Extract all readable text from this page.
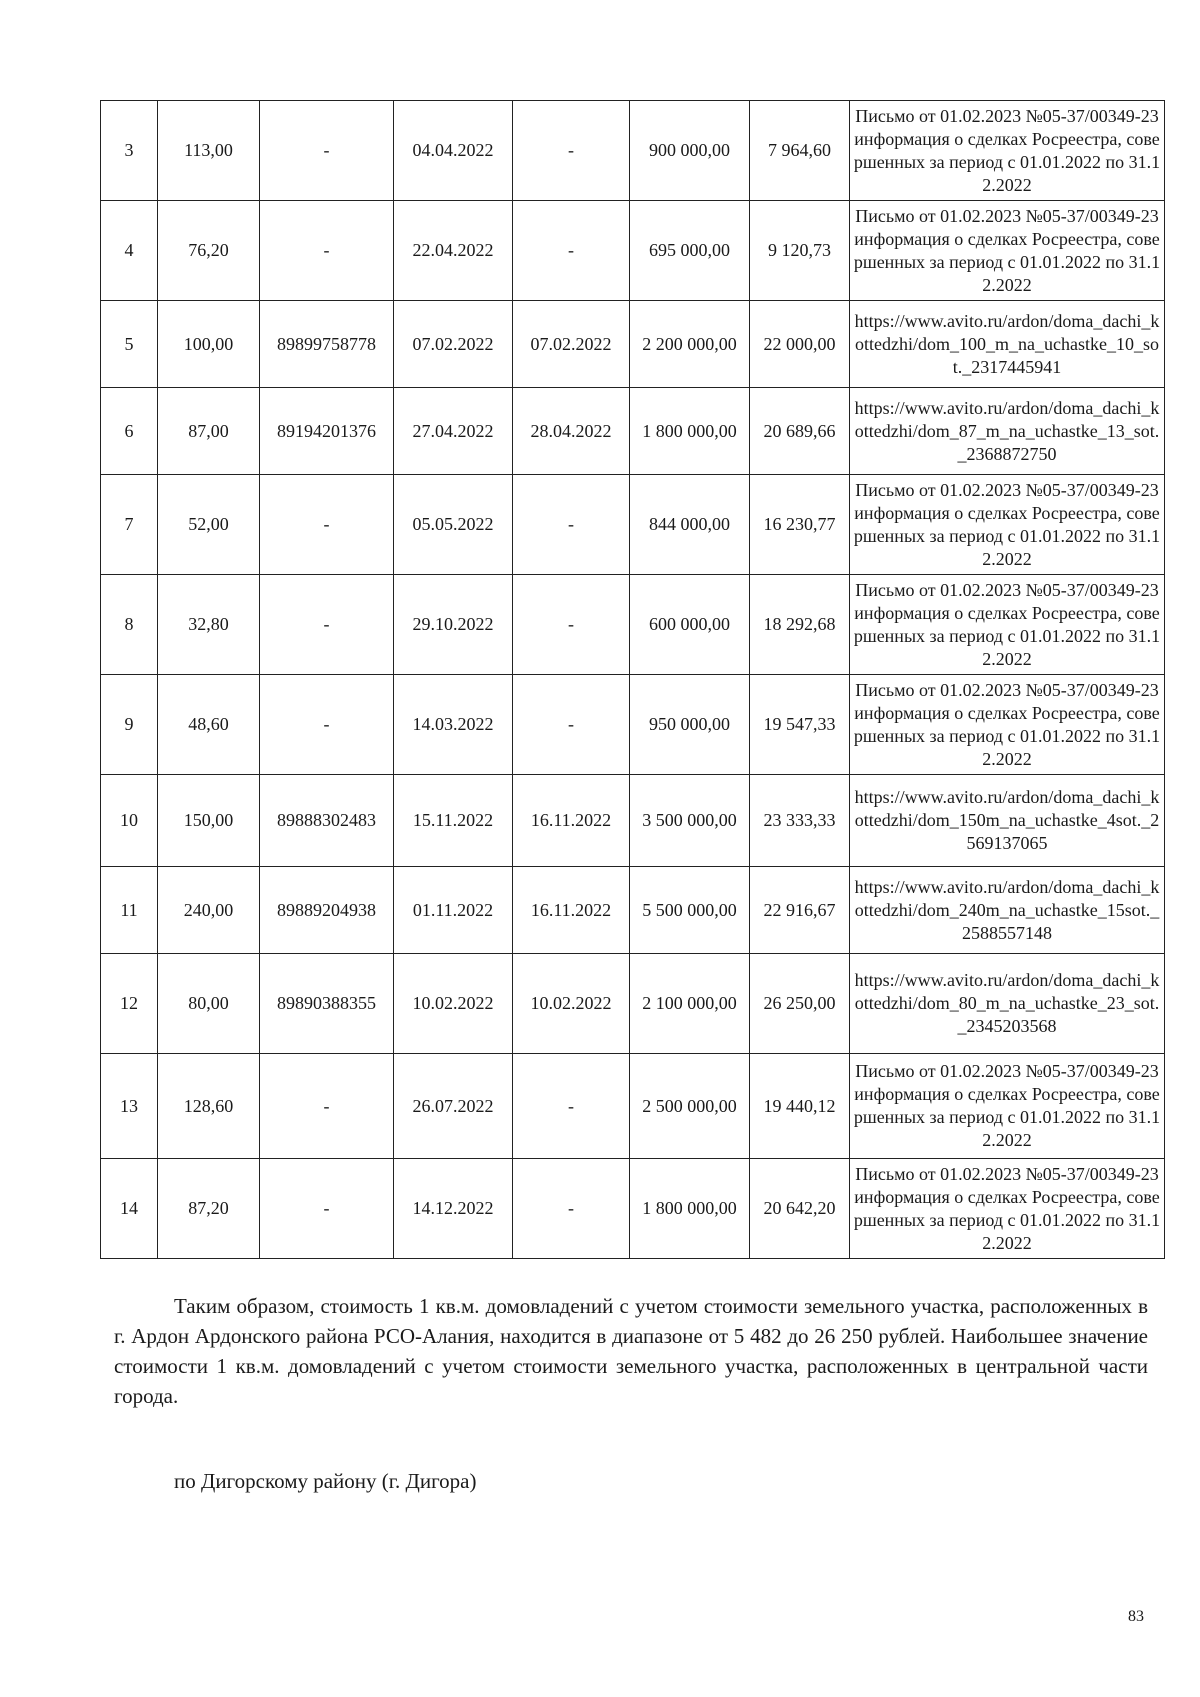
3	113,00	-	04.04.2022	-	900 000,00	7 964,60	Письмо от 01.02.2023 №05-37/00349-23 информация о сделках Росреестра, совершенных за период с 01.01.2022 по 31.12.2022
4	76,20	-	22.04.2022	-	695 000,00	9 120,73	Письмо от 01.02.2023 №05-37/00349-23 информация о сделках Росреестра, совершенных за период с 01.01.2022 по 31.12.2022
5	100,00	89899758778	07.02.2022	07.02.2022	2 200 000,00	22 000,00	https://www.avito.ru/ardon/doma_dachi_kottedzhi/dom_100_m_na_uchastke_10_sot._2317445941
6	87,00	89194201376	27.04.2022	28.04.2022	1 800 000,00	20 689,66	https://www.avito.ru/ardon/doma_dachi_kottedzhi/dom_87_m_na_uchastke_13_sot._2368872750
7	52,00	-	05.05.2022	-	844 000,00	16 230,77	Письмо от 01.02.2023 №05-37/00349-23 информация о сделках Росреестра, совершенных за период с 01.01.2022 по 31.12.2022
8	32,80	-	29.10.2022	-	600 000,00	18 292,68	Письмо от 01.02.2023 №05-37/00349-23 информация о сделках Росреестра, совершенных за период с 01.01.2022 по 31.12.2022
9	48,60	-	14.03.2022	-	950 000,00	19 547,33	Письмо от 01.02.2023 №05-37/00349-23 информация о сделках Росреестра, совершенных за период с 01.01.2022 по 31.12.2022
10	150,00	89888302483	15.11.2022	16.11.2022	3 500 000,00	23 333,33	https://www.avito.ru/ardon/doma_dachi_kottedzhi/dom_150m_na_uchastke_4sot._2569137065
11	240,00	89889204938	01.11.2022	16.11.2022	5 500 000,00	22 916,67	https://www.avito.ru/ardon/doma_dachi_kottedzhi/dom_240m_na_uchastke_15sot._2588557148
12	80,00	89890388355	10.02.2022	10.02.2022	2 100 000,00	26 250,00	https://www.avito.ru/ardon/doma_dachi_kottedzhi/dom_80_m_na_uchastke_23_sot._2345203568
13	128,60	-	26.07.2022	-	2 500 000,00	19 440,12	Письмо от 01.02.2023 №05-37/00349-23 информация о сделках Росреестра, совершенных за период с 01.01.2022 по 31.12.2022
14	87,20	-	14.12.2022	-	1 800 000,00	20 642,20	Письмо от 01.02.2023 №05-37/00349-23 информация о сделках Росреестра, совершенных за период с 01.01.2022 по 31.12.2022
Таким образом, стоимость 1 кв.м. домовладений с учетом стоимости земельного участка, расположенных в г. Ардон Ардонского района РСО-Алания, находится в диапазоне от 5 482 до 26 250 рублей. Наибольшее значение стоимости 1 кв.м. домовладений с учетом стоимости земельного участка, расположенных в центральной части города.
по Дигорскому району (г. Дигора)
83
